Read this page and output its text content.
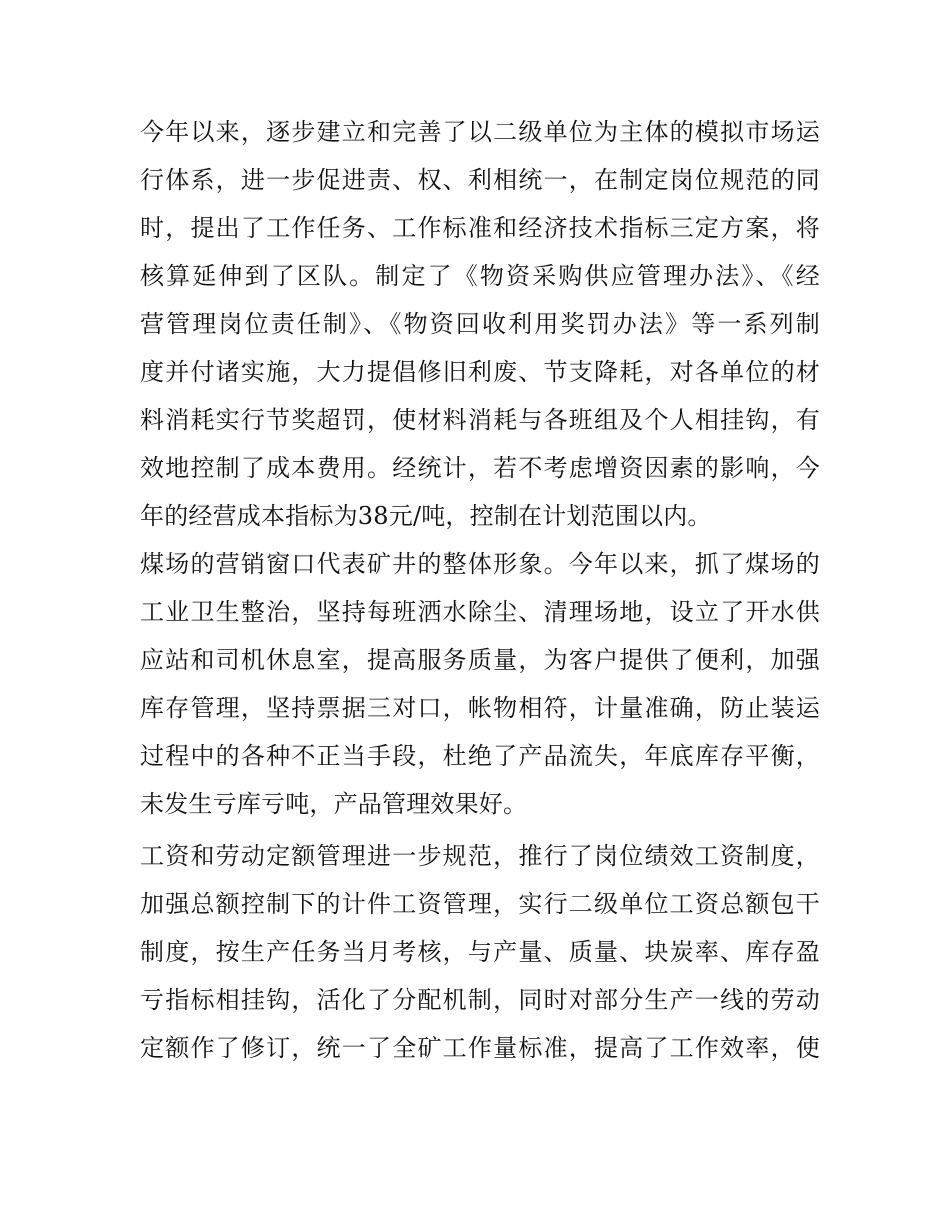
今年以来，逐步建立和完善了以二级单位为主体的模拟市场运
行体系，进一步促进责、权、利相统一，在制定岗位规范的同
时，提出了工作任务、工作标准和经济技术指标三定方案，将
核算延伸到了区队。制定了《物资采购供应管理办法》、《经
营管理岗位责任制》、《物资回收利用奖罚办法》等一系列制
度并付诸实施，大力提倡修旧利废、节支降耗，对各单位的材
料消耗实行节奖超罚，使材料消耗与各班组及个人相挂钩，有
效地控制了成本费用。经统计，若不考虑增资因素的影响，今
年的经营成本指标为38元/吨，控制在计划范围以内。
煤场的营销窗口代表矿井的整体形象。今年以来，抓了煤场的
工业卫生整治，坚持每班洒水除尘、清理场地，设立了开水供
应站和司机休息室，提高服务质量，为客户提供了便利，加强
库存管理，坚持票据三对口，帐物相符，计量准确，防止装运
过程中的各种不正当手段，杜绝了产品流失，年底库存平衡，
未发生亏库亏吨，产品管理效果好。
工资和劳动定额管理进一步规范，推行了岗位绩效工资制度，
加强总额控制下的计件工资管理，实行二级单位工资总额包干
制度，按生产任务当月考核，与产量、质量、块炭率、库存盈
亏指标相挂钩，活化了分配机制，同时对部分生产一线的劳动
定额作了修订，统一了全矿工作量标准，提高了工作效率，使
